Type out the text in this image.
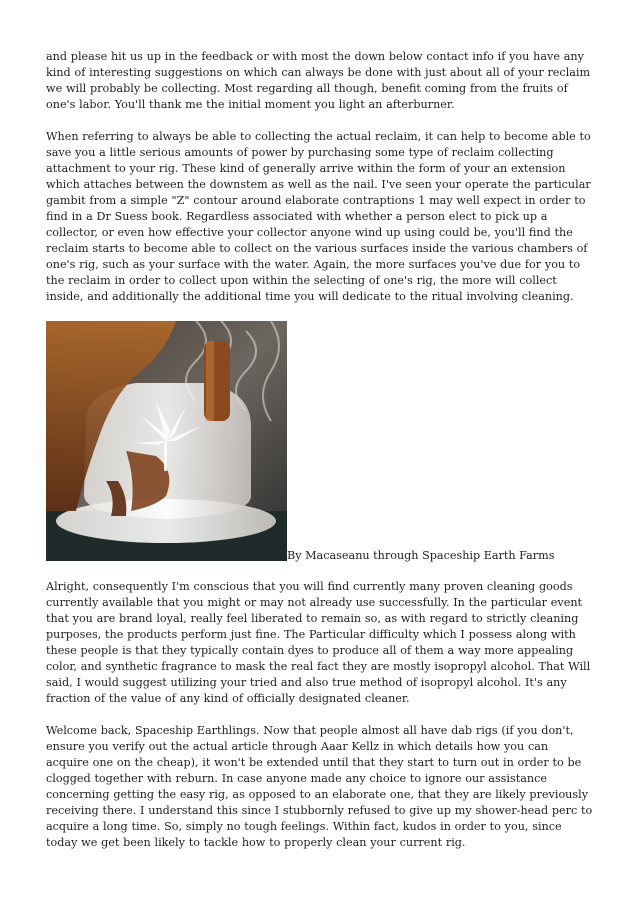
and please hit us up in the feedback or with most the down below contact info if you have any kind of interesting suggestions on which can always be done with just about all of your reclaim we will probably be collecting. Most regarding all though, benefit coming from the fruits of one's labor. You'll thank me the initial moment you light an afterburner.

When referring to always be able to collecting the actual reclaim, it can help to become able to save you a little serious amounts of power by purchasing some type of reclaim collecting attachment to your rig. These kind of generally arrive within the form of your an extension which attaches between the downstem as well as the nail. I've seen your operate the particular gambit from a simple "Z" contour around elaborate contraptions 1 may well expect in order to find in a Dr Suess book. Regardless associated with whether a person elect to pick up a collector, or even how effective your collector anyone wind up using could be, you'll find the reclaim starts to become able to collect on the various surfaces inside the various chambers of one's rig, such as your surface with the water. Again, the more surfaces you've due for you to the reclaim in order to collect upon within the selecting of one's rig, the more will collect inside, and additionally the additional time you will dedicate to the ritual involving cleaning.

By Macaseanu through Spaceship Earth Farms

Alright, consequently I'm conscious that you will find currently many proven cleaning goods currently available that you might or may not already use successfully. In the particular event that you are brand loyal, really feel liberated to remain so, as with regard to strictly cleaning purposes, the products perform just fine. The Particular difficulty which I possess along with these people is that they typically contain dyes to produce all of them a way more appealing color, and synthetic fragrance to mask the real fact they are mostly isopropyl alcohol. That Will said, I would suggest utilizing your tried and also true method of isopropyl alcohol. It's any fraction of the value of any kind of officially designated cleaner.

Welcome back, Spaceship Earthlings. Now that people almost all have dab rigs (if you don't, ensure you verify out the actual article through Aaar Kellz in which details how you can acquire one on the cheap), it won't be extended until that they start to turn out in order to be clogged together with reburn. In case anyone made any choice to ignore our assistance concerning getting the easy rig, as opposed to an elaborate one, that they are likely previously receiving there. I understand this since I stubbornly refused to give up my shower-head perc to acquire a long time. So, simply no tough feelings. Within fact, kudos in order to you, since today we get been likely to tackle how to properly clean your current rig.
